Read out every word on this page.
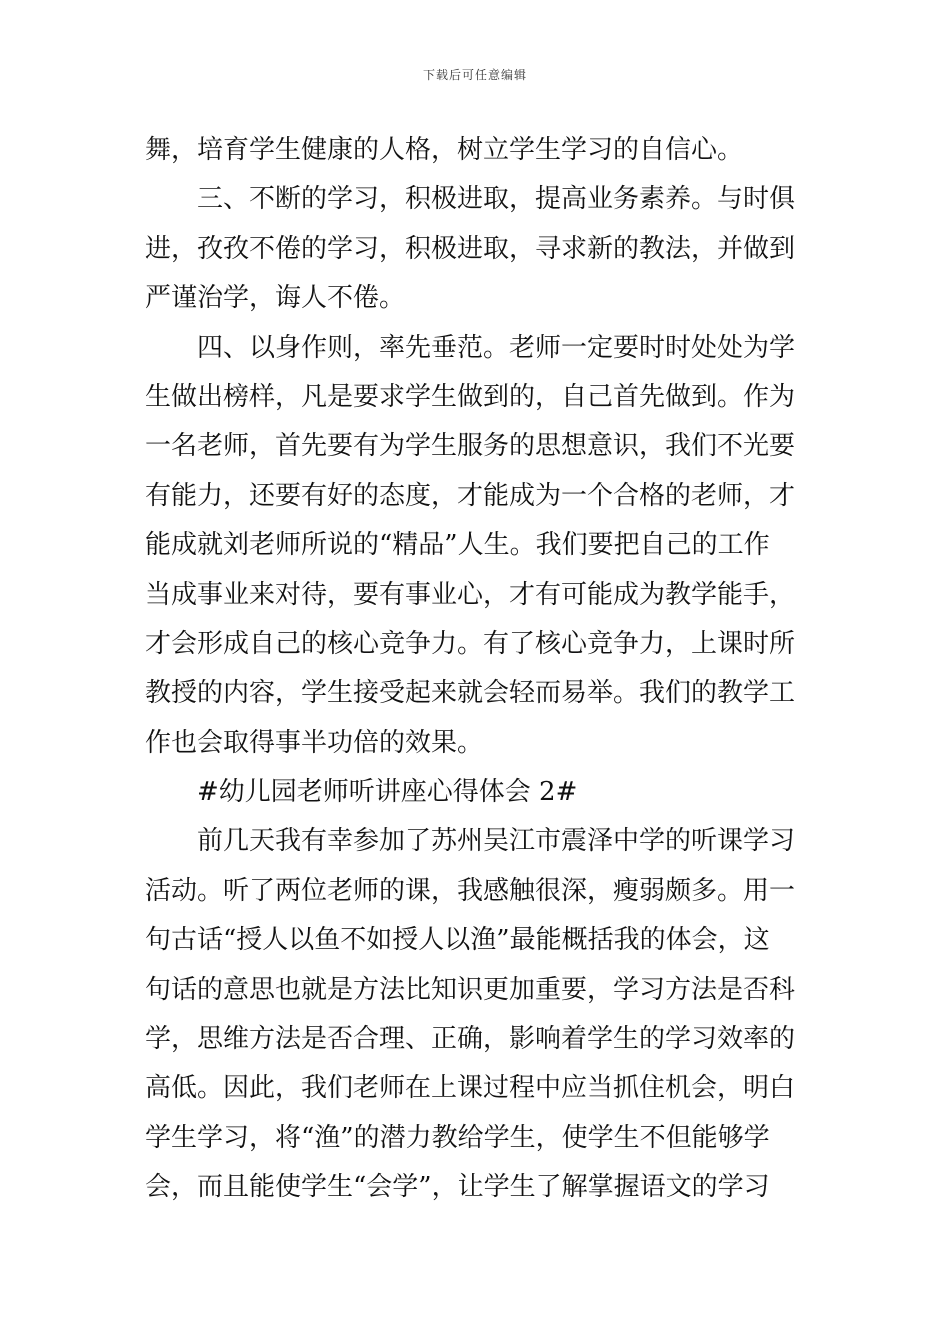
下载后可任意编辑
舞，培育学生健康的人格，树立学生学习的自信心。
三、不断的学习，积极进取，提高业务素养。与时俱
进，孜孜不倦的学习，积极进取，寻求新的教法，并做到
严谨治学，诲人不倦。
四、以身作则，率先垂范。老师一定要时时处处为学
生做出榜样，凡是要求学生做到的，自己首先做到。作为
一名老师，首先要有为学生服务的思想意识，我们不光要
有能力，还要有好的态度，才能成为一个合格的老师，才
能成就刘老师所说的“精品”人生。我们要把自己的工作
当成事业来对待，要有事业心，才有可能成为教学能手，
才会形成自己的核心竞争力。有了核心竞争力，上课时所
教授的内容，学生接受起来就会轻而易举。我们的教学工
作也会取得事半功倍的效果。
#幼儿园老师听讲座心得体会 2#
前几天我有幸参加了苏州吴江市震泽中学的听课学习
活动。听了两位老师的课，我感触很深，瘦弱颇多。用一
句古话“授人以鱼不如授人以渔”最能概括我的体会，这
句话的意思也就是方法比知识更加重要，学习方法是否科
学，思维方法是否合理、正确，影响着学生的学习效率的
高低。因此，我们老师在上课过程中应当抓住机会，明白
学生学习，将“渔”的潜力教给学生，使学生不但能够学
会，而且能使学生“会学”，让学生了解掌握语文的学习
